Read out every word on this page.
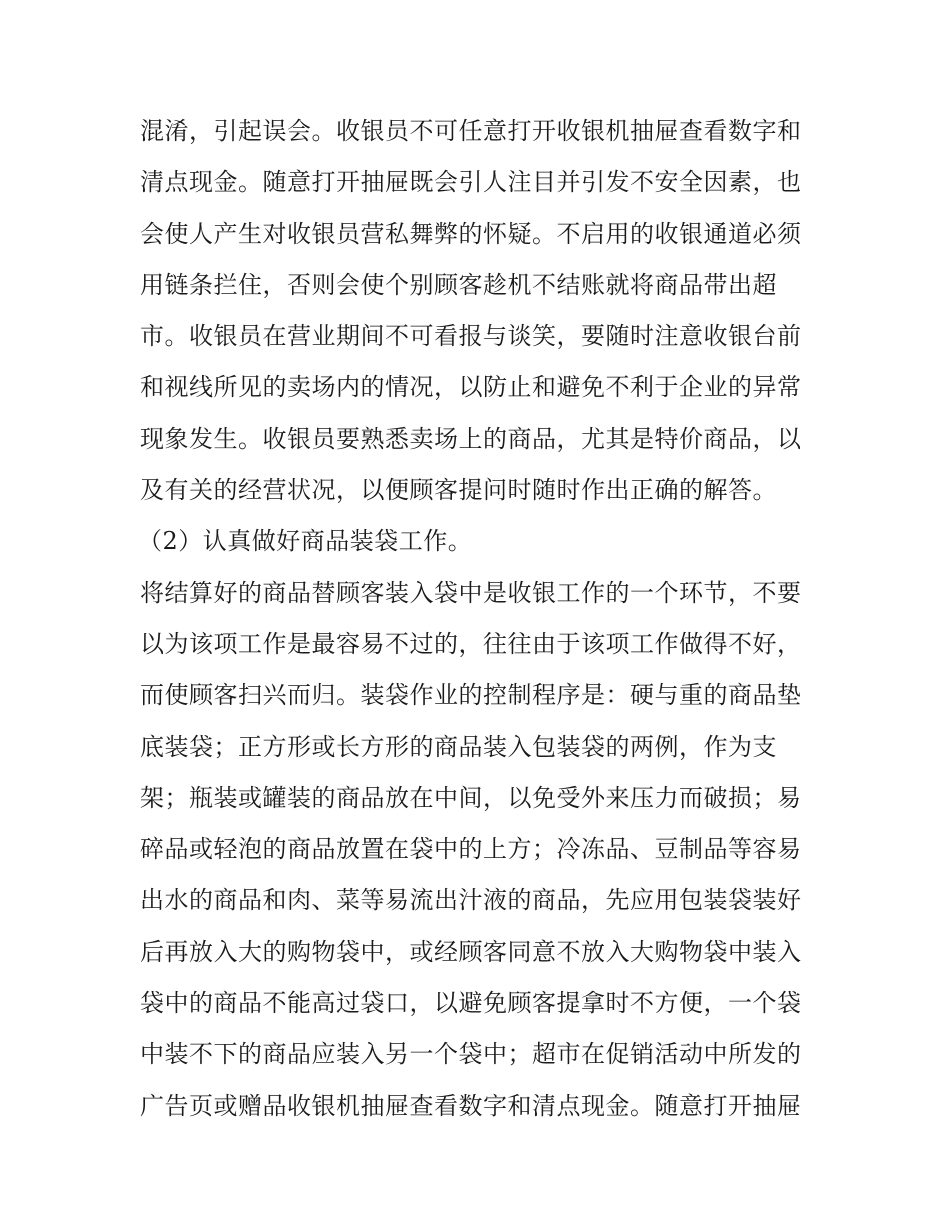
混淆，引起误会。收银员不可任意打开收银机抽屉查看数字和
清点现金。随意打开抽屉既会引人注目并引发不安全因素，也
会使人产生对收银员营私舞弊的怀疑。不启用的收银通道必须
用链条拦住，否则会使个别顾客趁机不结账就将商品带出超
市。收银员在营业期间不可看报与谈笑，要随时注意收银台前
和视线所见的卖场内的情况，以防止和避免不利于企业的异常
现象发生。收银员要熟悉卖场上的商品，尤其是特价商品，以
及有关的经营状况，以便顾客提问时随时作出正确的解答。
（2）认真做好商品装袋工作。
将结算好的商品替顾客装入袋中是收银工作的一个环节，不要
以为该项工作是最容易不过的，往往由于该项工作做得不好，
而使顾客扫兴而归。装袋作业的控制程序是：硬与重的商品垫
底装袋；正方形或长方形的商品装入包装袋的两例，作为支
架；瓶装或罐装的商品放在中间，以免受外来压力而破损；易
碎品或轻泡的商品放置在袋中的上方；冷冻品、豆制品等容易
出水的商品和肉、菜等易流出汁液的商品，先应用包装袋装好
后再放入大的购物袋中，或经顾客同意不放入大购物袋中装入
袋中的商品不能高过袋口，以避免顾客提拿时不方便，一个袋
中装不下的商品应装入另一个袋中；超市在促销活动中所发的
广告页或赠品收银机抽屉查看数字和清点现金。随意打开抽屉
